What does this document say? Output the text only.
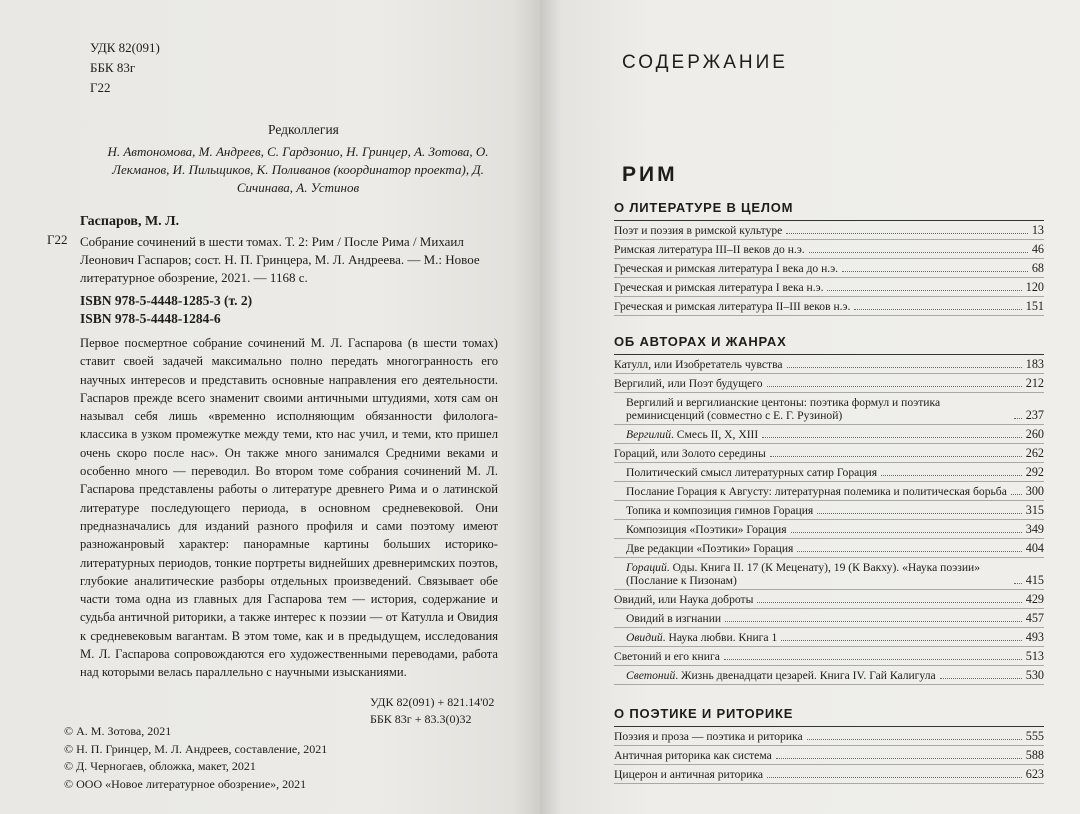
УДК 82(091)
ББК 83г
Г22
Редколлегия
Н. Автономова, М. Андреев, С. Гардзонио, Н. Гринцер, А. Зотова, О. Лекманов, И. Пильщиков, К. Поливанов (координатор проекта), Д. Сичинава, А. Устинов
Г22
Гаспаров, М. Л.
Собрание сочинений в шести томах. Т. 2: Рим / После Рима / Михаил Леонович Гаспаров; сост. Н. П. Гринцера, М. Л. Андреева. — М.: Новое литературное обозрение, 2021. — 1168 с.
ISBN 978-5-4448-1285-3 (т. 2)
ISBN 978-5-4448-1284-6
Первое посмертное собрание сочинений М. Л. Гаспарова (в шести томах) ставит своей задачей максимально полно передать многогранность его научных интересов и представить основные направления его деятельности. Гаспаров прежде всего знаменит своими античными штудиями, хотя сам он называл себя лишь «временно исполняющим обязанности филолога-классика в узком промежутке между теми, кто нас учил, и теми, кто пришел очень скоро после нас». Он также много занимался Средними веками и особенно много — переводил. Во втором томе собрания сочинений М. Л. Гаспарова представлены работы о литературе древнего Рима и о латинской литературе последующего периода, в основном средневековой. Они предназначались для изданий разного профиля и сами поэтому имеют разножанровый характер: панорамные картины больших историко-литературных периодов, тонкие портреты виднейших древнеримских поэтов, глубокие аналитические разборы отдельных произведений. Связывает обе части тома одна из главных для Гаспарова тем — история, содержание и судьба античной риторики, а также интерес к поэзии — от Катулла и Овидия к средневековым вагантам. В этом томе, как и в предыдущем, исследования М. Л. Гаспарова сопровождаются его художественными переводами, работа над которыми велась параллельно с научными изысканиями.
УДК 82(091) + 821.14'02
ББК 83г + 83.3(0)32
© А. М. Зотова, 2021
© Н. П. Гринцер, М. Л. Андреев, составление, 2021
© Д. Черногаев, обложка, макет, 2021
© ООО «Новое литературное обозрение», 2021
СОДЕРЖАНИЕ
РИМ
О ЛИТЕРАТУРЕ В ЦЕЛОМ
Поэт и поэзия в римской культуре	13
Римская литература III–II веков до н.э.	46
Греческая и римская литература I века до н.э.	68
Греческая и римская литература I века н.э.	120
Греческая и римская литература II–III веков н.э.	151
ОБ АВТОРАХ И ЖАНРАХ
Катулл, или Изобретатель чувства	183
Вергилий, или Поэт будущего	212
Вергилий и вергилианские центоны: поэтика формул и поэтика реминисценций (совместно с Е. Г. Рузиной)	237
Вергилий. Смесь II, X, XIII	260
Гораций, или Золото середины	262
Политический смысл литературных сатир Горация	292
Послание Горация к Августу: литературная полемика и политическая борьба 300
Топика и композиция гимнов Горация	315
Композиция «Поэтики» Горация	349
Две редакции «Поэтики» Горация	404
Гораций. Оды. Книга II. 17 (К Меценату), 19 (К Вакху). «Наука поэзии» (Послание к Пизонам)	415
Овидий, или Наука доброты	429
Овидий в изгнании	457
Овидий. Наука любви. Книга 1	493
Светоний и его книга	513
Светоний. Жизнь двенадцати цезарей. Книга IV. Гай Калигула	530
О ПОЭТИКЕ И РИТОРИКЕ
Поэзия и проза — поэтика и риторика	555
Античная риторика как система	588
Цицерон и античная риторика	623
